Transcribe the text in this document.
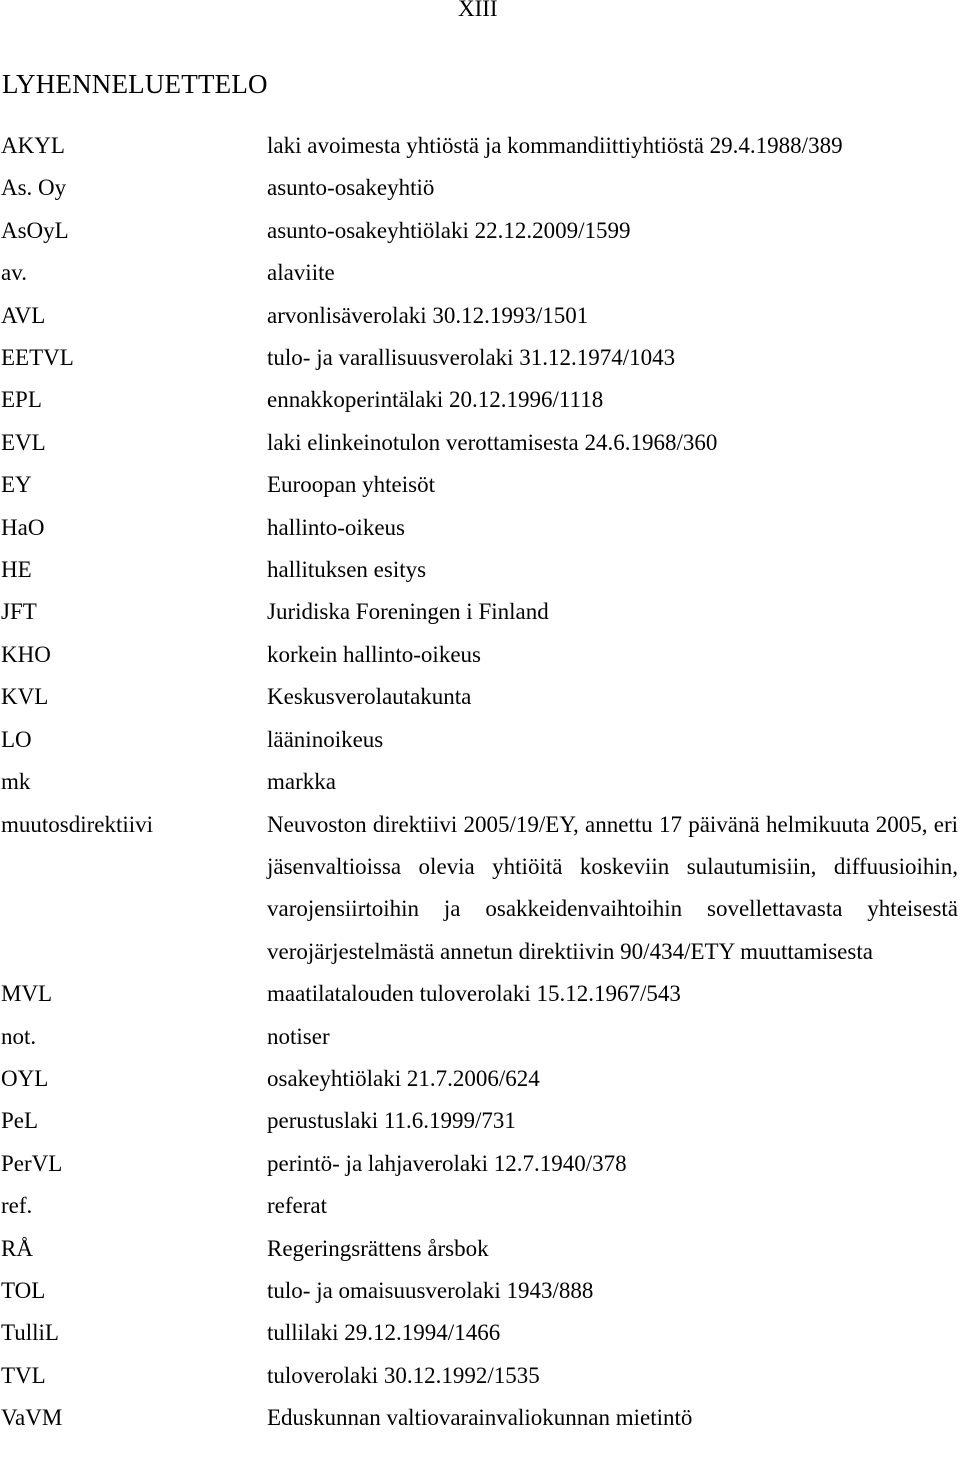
XIII

LYHENNELUETTELO
AKYL	laki avoimesta yhtiöstä ja kommandiittiyhtiöstä 29.4.1988/389
As. Oy	asunto-osakeyhtiö
AsOyL	asunto-osakeyhtiölaki 22.12.2009/1599
av.	alaviite
AVL	arvonlisäverolaki 30.12.1993/1501
EETVL	tulo- ja varallisuusverolaki 31.12.1974/1043
EPL	ennakkoperintälaki 20.12.1996/1118
EVL	laki elinkeinotulon verottamisesta 24.6.1968/360
EY	Euroopan yhteisöt
HaO	hallinto-oikeus
HE	hallituksen esitys
JFT	Juridiska Foreningen i Finland
KHO	korkein hallinto-oikeus
KVL	Keskusverolautakunta
LO	lääninoikeus
mk	markka
muutosdirektiivi	Neuvoston direktiivi 2005/19/EY, annettu 17 päivänä helmikuuta 2005, eri jäsenvaltioissa olevia yhtiöitä koskeviin sulautumisiin, diffuusioihin, varojensiirtoihin ja osakkeidenvaihtoihin sovellettavasta yhteisestä verojärjestelmästä annetun direktiivin 90/434/ETY muuttamisesta
MVL	maatilatalouden tuloverolaki 15.12.1967/543
not.	notiser
OYL	osakeyhtiölaki 21.7.2006/624
PeL	perustuslaki 11.6.1999/731
PerVL	perintö- ja lahjaverolaki 12.7.1940/378
ref.	referat
RÅ	Regeringsrättens årsbok
TOL	tulo- ja omaisuusverolaki 1943/888
TulliL	tullilaki 29.12.1994/1466
TVL	tuloverolaki 30.12.1992/1535
VaVM	Eduskunnan valtiovarainvaliokunnan mietintö
